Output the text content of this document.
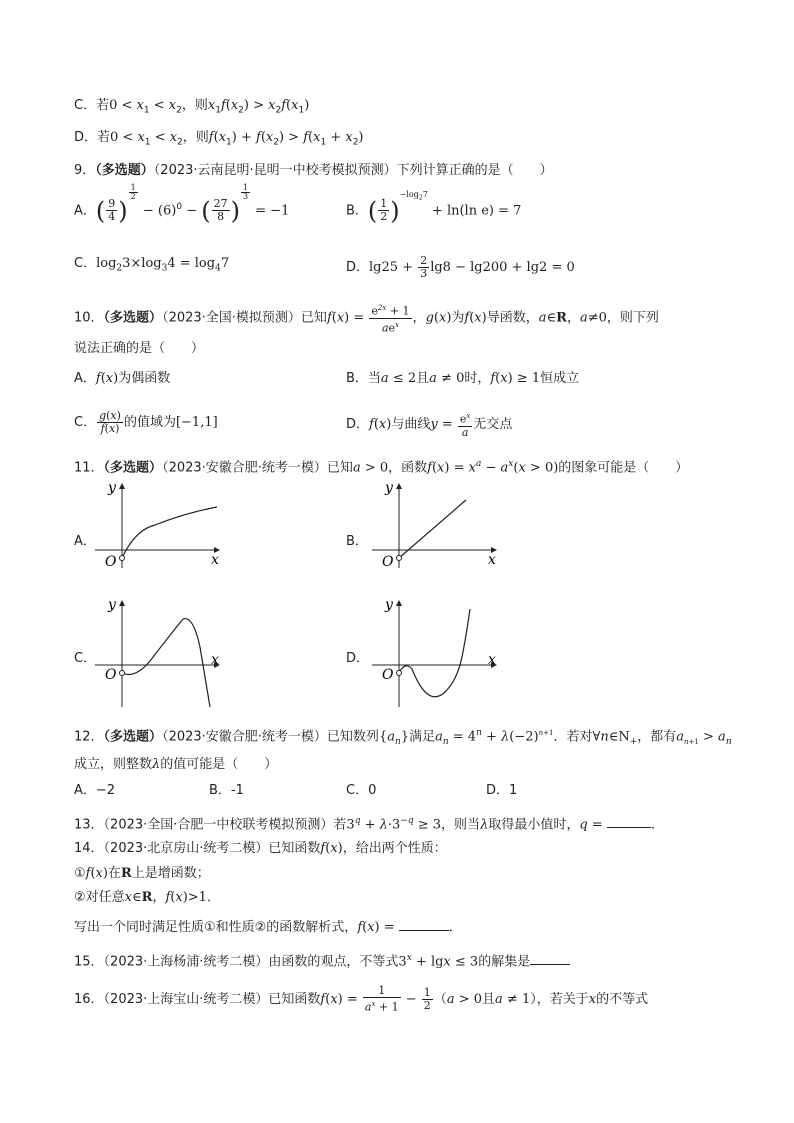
C．若$0 < x_1 < x_2$，则$x_1f(x_2) > x_2f(x_1)$
D．若$0 < x_1 < x_2$，则$f(x_1) + f(x_2) > f(x_1 + x_2)$
9．（多选题）（2023·云南昆明·昆明一中校考模拟预测）下列计算正确的是（　　）
A．( $\frac{9}{4}$ )
$^{\frac{1}{2}}$
− $(6)^0$ − ( $\frac{27}{8}$ )
$^{\frac{1}{3}}$
= −1	B．( $\frac{1}{2} )^{-log_27} + \ln(\ln$ e) = 7
C．$\log_23\times\log_34 = \log_47$	D．$\lg 25 + \frac{2}{3} \lg 8 - \lg 200 + \lg 2 = 0$
10．（多选题）（2023·全国·模拟预测）已知$f(x) = \frac{e^{2x} + 1}{ae^x}$ ，g(x)为f(x)导函数，a∈R，a≠0，则下列
说法正确的是（　　）
A．f(x)为偶函数	B．当a ≤ 2且a ≠ 0时，f(x) ≥ 1恒成立
C． $\frac{g(x)}{f(x)}$ 的值域为[−1,1]	D．f(x)与曲线$y = \frac{e^x}{a}$ 无交点
11．（多选题）（2023·安徽合肥·统考一模）已知a > 0，函数$f(x) = x^a - a^x(x > 0)$的图象可能是（　　）
A．	B．
C．	D．
y
x
O
y
x
O
y
x
O
y
x
O
12．（多选题）（2023·安徽合肥·统考一模）已知数列$\{a_n\}$满足$a_n = 4^n + \lambda(-2)^{n+1}$．若对$\forall n\in N_+$，都有$a_{n+1} > a_n$
成立，则整数λ的值可能是（　　）
A．−2	B．-1	C．0	D．1
13．（2023·全国·合肥一中校联考模拟预测）若$3^q + \lambda\cdot 3^{-q} \ge 3$，则当λ取得最小值时，q =	.
14．（2023·北京房山·统考二模）已知函数f(x)，给出两个性质：
①f(x)在R上是增函数；
②对任意x∈R，f(x)>1．
写出一个同时满足性质①和性质②的函数解析式，f(x) =	．
15．（2023·上海杨浦·统考二模）由函数的观点，不等式$3^x + \lg x \le 3$的解集是
16．（2023·上海宝山·统考二模）已知函数$f(x) = \frac{1}{a^x + 1} - \frac{1}{2} (a > 0$且a ≠ 1），若关于x的不等式
